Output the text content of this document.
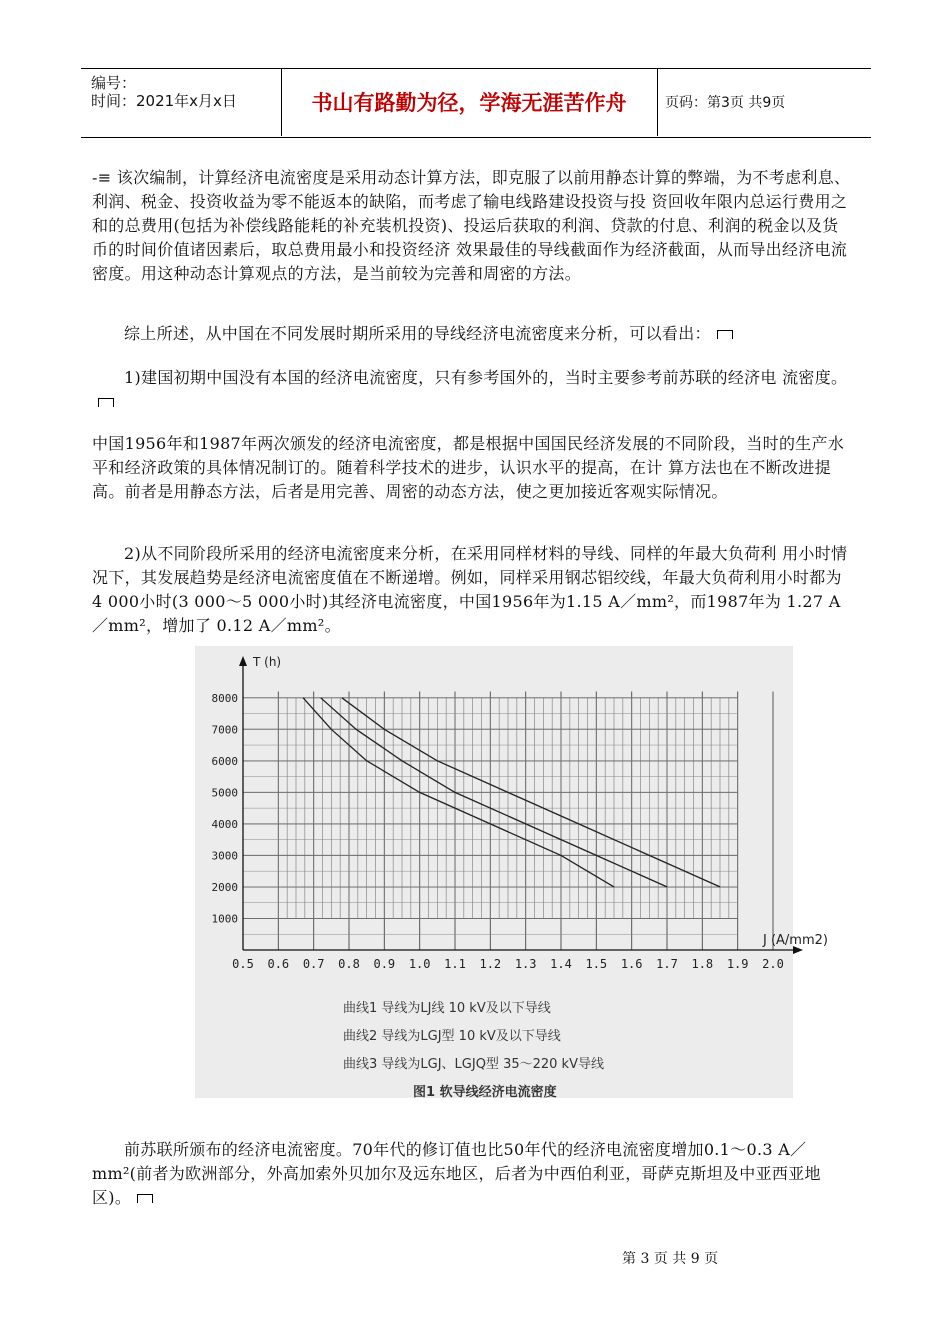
编号：
时间：2021年x月x日	书山有路勤为径，学海无涯苦作舟	页码：第3页 共9页
-≡ 该次编制，计算经济电流密度是采用动态计算方法，即克服了以前用静态计算的弊端，为不考虑利息、利润、税金、投资收益为零不能返本的缺陷，而考虑了输电线路建设投资与投 资回收年限内总运行费用之和的总费用(包括为补偿线路能耗的补充装机投资)、投运后获取的利润、贷款的付息、利润的税金以及货币的时间价值诸因素后，取总费用最小和投资经济 效果最佳的导线截面作为经济截面，从而导出经济电流密度。用这种动态计算观点的方法，是当前较为完善和周密的方法。
综上所述，从中国在不同发展时期所采用的导线经济电流密度来分析，可以看出：
1)建国初期中国没有本国的经济电流密度，只有参考国外的，当时主要参考前苏联的经济电 流密度。
中国1956年和1987年两次颁发的经济电流密度，都是根据中国国民经济发展的不同阶段，当时的生产水平和经济政策的具体情况制订的。随着科学技术的进步，认识水平的提高，在计 算方法也在不断改进提高。前者是用静态方法，后者是用完善、周密的动态方法，使之更加接近客观实际情况。
2)从不同阶段所采用的经济电流密度来分析，在采用同样材料的导线、同样的年最大负荷利 用小时情况下，其发展趋势是经济电流密度值在不断递增。例如，同样采用钢芯铝绞线，年最大负荷利用小时都为4 000小时(3 000～5 000小时)其经济电流密度，中国1956年为1.15 A／mm²，而1987年为 1.27 A／mm²，增加了 0.12 A／mm²。
0.5 0.6 0.7 0.8 0.9 1.0 1.1 1.2 1.3 1.4 1.5 1.6 1.7 1.8 1.9 2.0
1000
2000
3000
4000
5000
6000
7000
8000
T (h)
J (A/mm2)
曲线1 导线为LJ线 10 kV及以下导线
曲线2 导线为LGJ型 10 kV及以下导线
曲线3 导线为LGJ、LGJQ型 35～220 kV导线
图1 软导线经济电流密度
前苏联所颁布的经济电流密度。70年代的修订值也比50年代的经济电流密度增加0.1～0.3 A／mm²(前者为欧洲部分，外高加索外贝加尔及远东地区，后者为中西伯利亚，哥萨克斯坦及中亚西亚地区)。
第 3 页 共 9 页
